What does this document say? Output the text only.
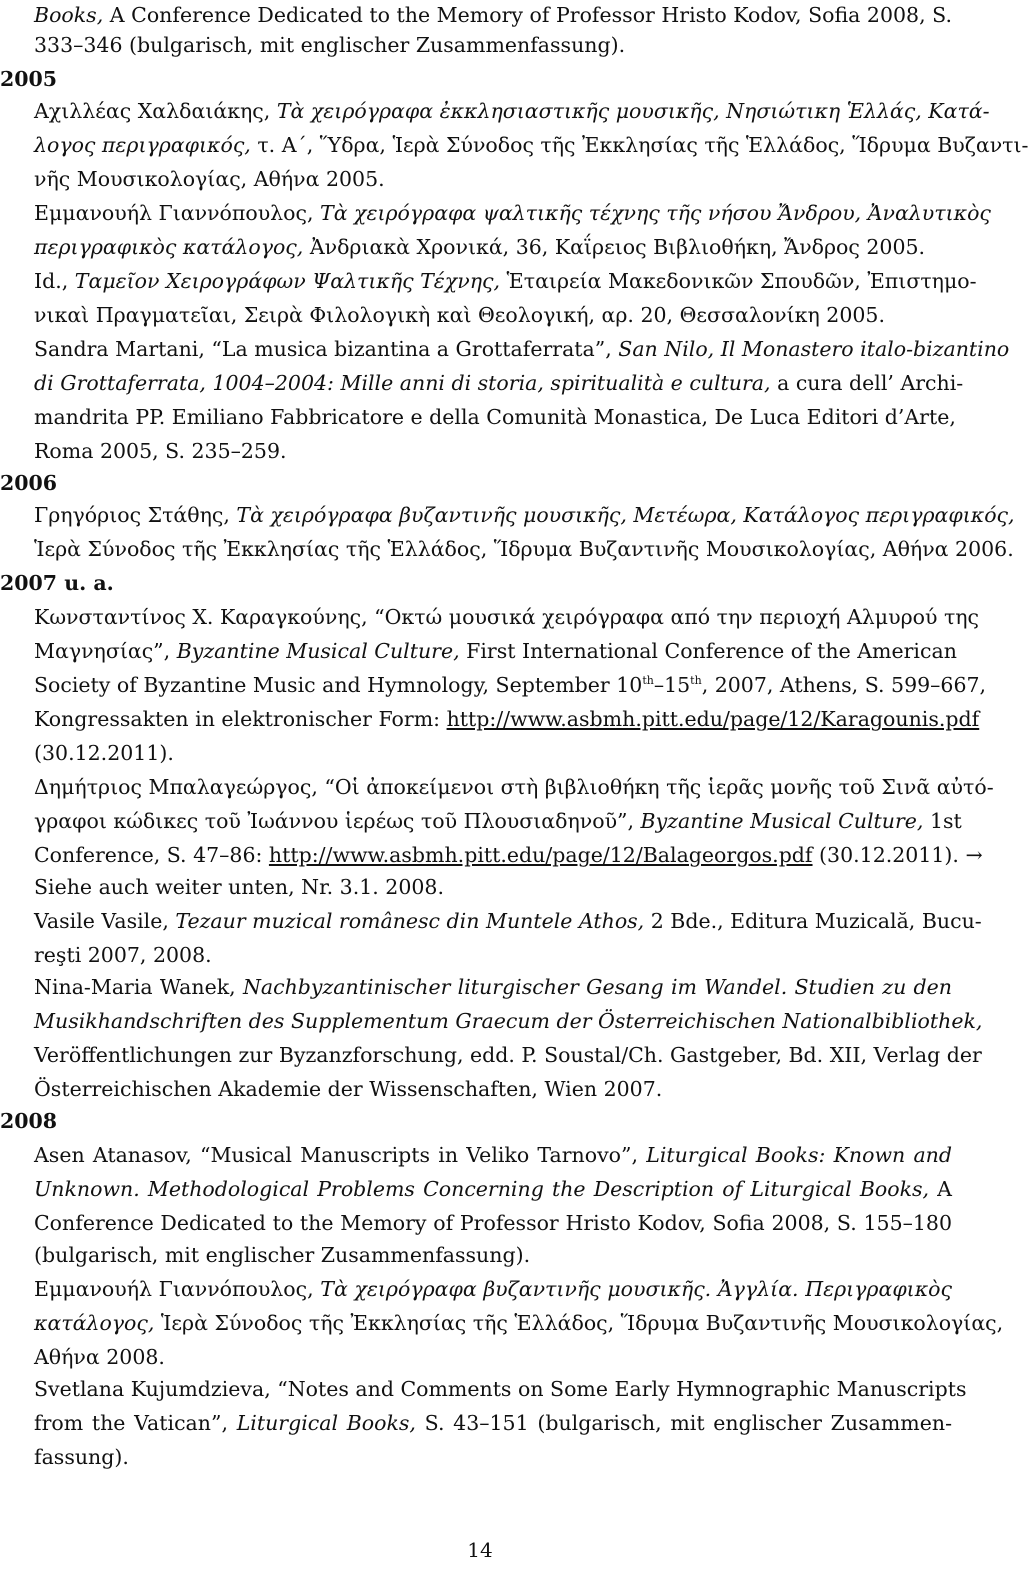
Books, A Conference Dedicated to the Memory of Professor Hristo Kodov, Sofia 2008, S.
333–346 (bulgarisch, mit englischer Zusammenfassung).
2005
Αχιλλέας Χαλδαιάκης, Τὰ χειρόγραφα ἐκκλησιαστικῆς μουσικῆς, Νησιώτικη Ἑλλάς, Κατά-
λογος περιγραφικός, τ. Α΄, Ὕδρα, Ἱερὰ Σύνοδος τῆς Ἐκκλησίας τῆς Ἑλλάδος, Ἵδρυμα Βυζαντι-
νῆς Μουσικολογίας, Αθήνα 2005.
Εμμανουήλ Γιαννόπουλος, Τὰ χειρόγραφα ψαλτικῆς τέχνης τῆς νήσου Ἄνδρου, Ἀναλυτικὸς
περιγραφικὸς κατάλογος, Ἀνδριακὰ Χρονικά, 36, Καΐρειος Βιβλιοθήκη, Ἄνδρος 2005.
Id., Ταμεῖον Χειρογράφων Ψαλτικῆς Τέχνης, Ἑταιρεία Μακεδονικῶν Σπουδῶν, Ἐπιστημο-
νικαὶ Πραγματεῖαι, Σειρὰ Φιλολογικὴ καὶ Θεολογική, αρ. 20, Θεσσαλονίκη 2005.
Sandra Martani, “La musica bizantina a Grottaferrata”, San Nilo, Il Monastero italo-bizantino
di Grottaferrata, 1004–2004: Mille anni di storia, spiritualità e cultura, a cura dell’ Archi-
mandrita PP. Emiliano Fabbricatore e della Comunità Monastica, De Luca Editori d’Arte,
Roma 2005, S. 235–259.
2006
Γρηγόριος Στάθης, Τὰ χειρόγραφα βυζαντινῆς μουσικῆς, Μετέωρα, Κατάλογος περιγραφικός,
Ἱερὰ Σύνοδος τῆς Ἐκκλησίας τῆς Ἑλλάδος, Ἵδρυμα Βυζαντινῆς Μουσικολογίας, Αθήνα 2006.
2007 u. a.
Κωνσταντίνος Χ. Καραγκούνης, “Οκτώ μουσικά χειρόγραφα από την περιοχή Αλμυρού της
Μαγνησίας”, Byzantine Musical Culture, First International Conference of the American
Society of Byzantine Music and Hymnology, September 10th–15th, 2007, Athens, S. 599–667,
Kongressakten in elektronischer Form: http://www.asbmh.pitt.edu/page/12/Karagounis.pdf
(30.12.2011).
Δημήτριος Μπαλαγεώργος, “Οἱ ἀποκείμενοι στὴ βιβλιοθήκη τῆς ἱερᾶς μονῆς τοῦ Σινᾶ αὐτό-
γραφοι κώδικες τοῦ Ἰωάννου ἱερέως τοῦ Πλουσιαδηνοῦ”, Byzantine Musical Culture, 1st
Conference, S. 47–86: http://www.asbmh.pitt.edu/page/12/Balageorgos.pdf (30.12.2011). →
Siehe auch weiter unten, Nr. 3.1. 2008.
Vasile Vasile, Tezaur muzical românesc din Muntele Athos, 2 Bde., Editura Muzicală, Bucu-
reşti 2007, 2008.
Nina-Maria Wanek, Nachbyzantinischer liturgischer Gesang im Wandel. Studien zu den
Musikhandschriften des Supplementum Graecum der Österreichischen Nationalbibliothek,
Veröffentlichungen zur Byzanzforschung, edd. P. Soustal/Ch. Gastgeber, Bd. XII, Verlag der
Österreichischen Akademie der Wissenschaften, Wien 2007.
2008
Asen Atanasov, “Musical Manuscripts in Veliko Tarnovo”, Liturgical Books: Known and
Unknown. Methodological Problems Concerning the Description of Liturgical Books, A
Conference Dedicated to the Memory of Professor Hristo Kodov, Sofia 2008, S. 155–180
(bulgarisch, mit englischer Zusammenfassung).
Εμμανουήλ Γιαννόπουλος, Τὰ χειρόγραφα βυζαντινῆς μουσικῆς. Ἀγγλία. Περιγραφικὸς
κατάλογος, Ἱερὰ Σύνοδος τῆς Ἐκκλησίας τῆς Ἑλλάδος, Ἵδρυμα Βυζαντινῆς Μουσικολογίας,
Αθήνα 2008.
Svetlana Kujumdzieva, “Notes and Comments on Some Early Hymnographic Manuscripts
from the Vatican”, Liturgical Books, S. 43–151 (bulgarisch, mit englischer Zusammen-
fassung).
14
